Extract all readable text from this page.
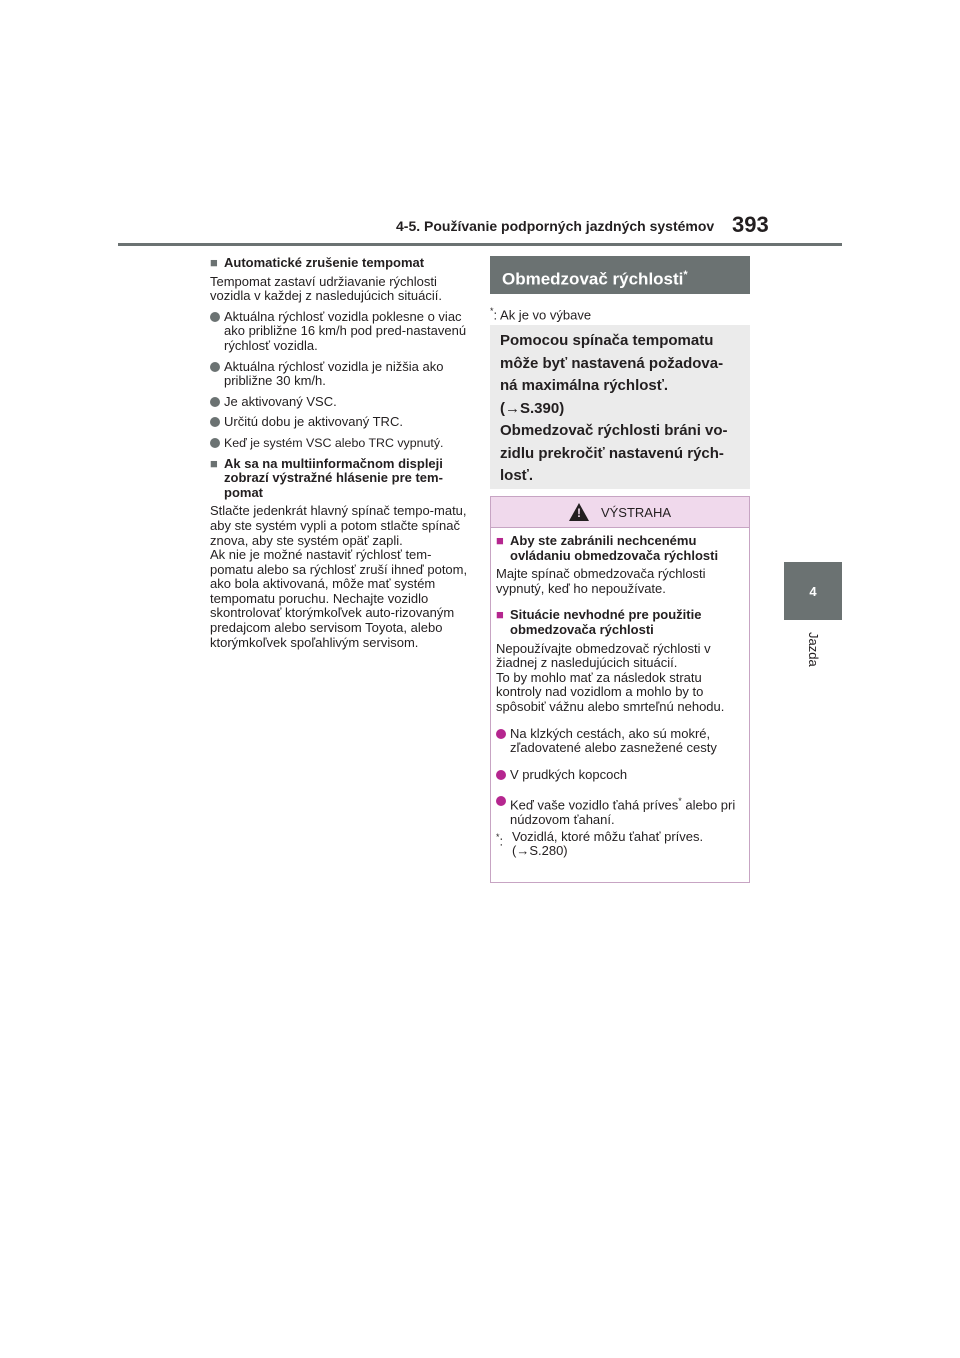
4-5. Používanie podporných jazdných systémov 393
4
Jazda
■ Automatické zrušenie tempomat
Tempomat zastaví udržiavanie rýchlosti vozidla v každej z nasledujúcich situácií.
Aktuálna rýchlosť vozidla poklesne o viac ako približne 16 km/h pod pred-nastavenú rýchlosť vozidla.
Aktuálna rýchlosť vozidla je nižšia ako približne 30 km/h.
Je aktivovaný VSC.
Určitú dobu je aktivovaný TRC.
Keď je systém VSC alebo TRC vypnutý.
■ Ak sa na multiinformačnom displeji zobrazí výstražné hlásenie pre tem-pomat
Stlačte jedenkrát hlavný spínač tempo-matu, aby ste systém vypli a potom stlačte spínač znova, aby ste systém opäť zapli.
Ak nie je možné nastaviť rýchlosť tem-pomatu alebo sa rýchlosť zruší ihneď potom, ako bola aktivovaná, môže mať systém tempomatu poruchu. Nechajte vozidlo skontrolovať ktorýmkoľvek auto-rizovaným predajcom alebo servisom Toyota, alebo ktorýmkoľvek spoľahlivým servisom.
Obmedzovač rýchlosti*
*: Ak je vo výbave
Pomocou spínača tempomatu môže byť nastavená požadova-ná maximálna rýchlosť.
(→S.390)
Obmedzovač rýchlosti bráni vo-zidlu prekročiť nastavenú rých-losť.
!
VÝSTRAHA
■ Aby ste zabránili nechcenému ovládaniu obmedzovača rýchlosti
Majte spínač obmedzovača rýchlosti vypnutý, keď ho nepoužívate.
■ Situácie nevhodné pre použitie obmedzovača rýchlosti
Nepoužívajte obmedzovač rýchlosti v žiadnej z nasledujúcich situácií.
To by mohlo mať za následok stratu kontroly nad vozidlom a mohlo by to spôsobiť vážnu alebo smrteľnú nehodu.
Na klzkých cestách, ako sú mokré, zľadovatené alebo zasnežené cesty
V prudkých kopcoch
Keď vaše vozidlo ťahá príves* alebo pri núdzovom ťahaní.
*: Vozidlá, ktoré môžu ťahať príves. (→S.280)
